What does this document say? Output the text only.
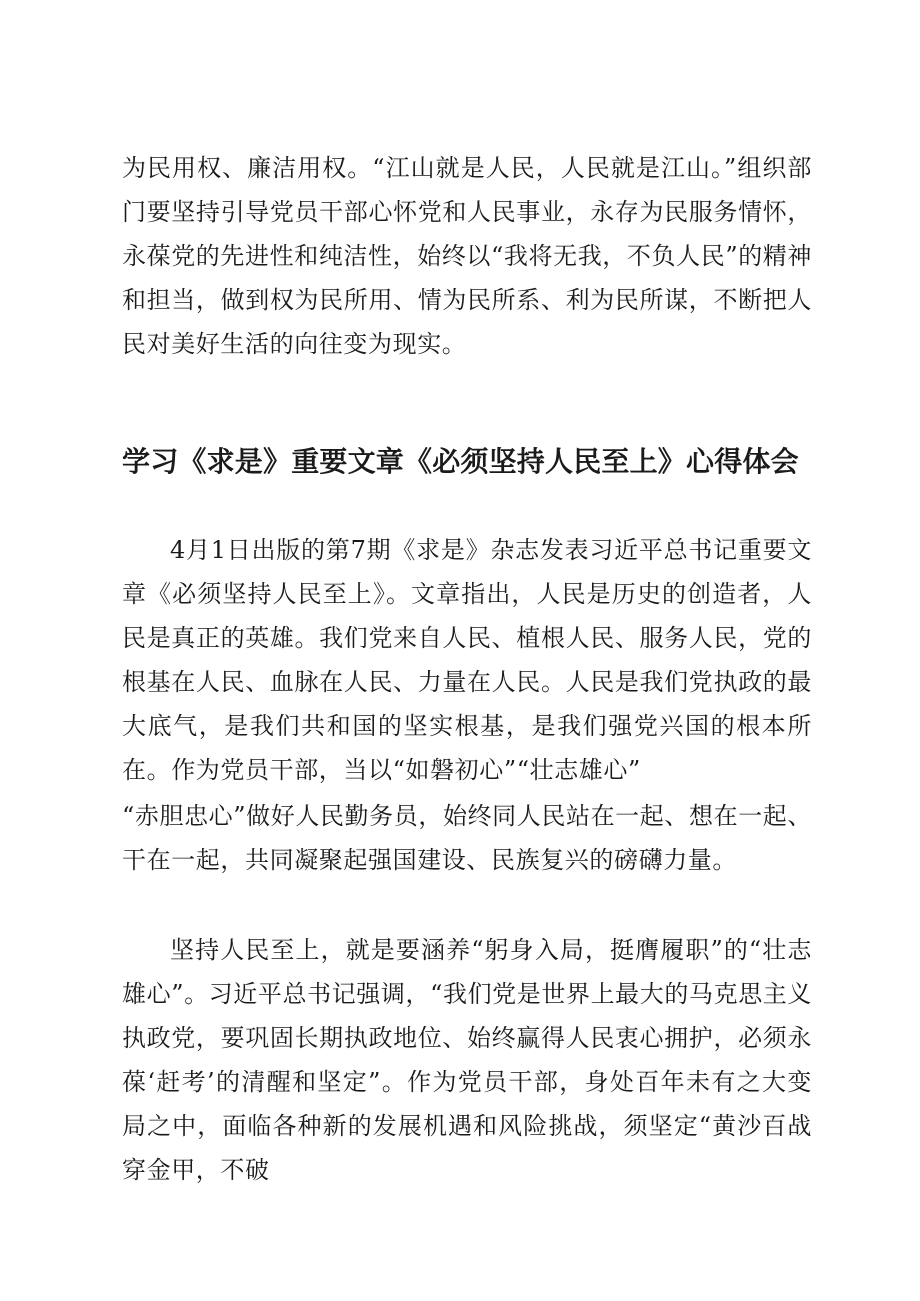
为民用权、廉洁用权。“江山就是人民，人民就是江山。”组织部门要坚持引导党员干部心怀党和人民事业，永存为民服务情怀，永葆党的先进性和纯洁性，始终以“我将无我，不负人民”的精神和担当，做到权为民所用、情为民所系、利为民所谋，不断把人民对美好生活的向往变为现实。

学习《求是》重要文章《必须坚持人民至上》心得体会

4月1日出版的第7期《求是》杂志发表习近平总书记重要文章《必须坚持人民至上》。文章指出，人民是历史的创造者，人民是真正的英雄。我们党来自人民、植根人民、服务人民，党的根基在人民、血脉在人民、力量在人民。人民是我们党执政的最大底气，是我们共和国的坚实根基，是我们强党兴国的根本所在。作为党员干部，当以“如磐初心”“壮志雄心”

“赤胆忠心”做好人民勤务员，始终同人民站在一起、想在一起、干在一起，共同凝聚起强国建设、民族复兴的磅礴力量。

坚持人民至上，就是要涵养“躬身入局，挺膺履职”的“壮志雄心”。习近平总书记强调，“我们党是世界上最大的马克思主义执政党，要巩固长期执政地位、始终赢得人民衷心拥护，必须永葆‘赶考’的清醒和坚定”。作为党员干部，身处百年未有之大变局之中，面临各种新的发展机遇和风险挑战，须坚定“黄沙百战穿金甲，不破
